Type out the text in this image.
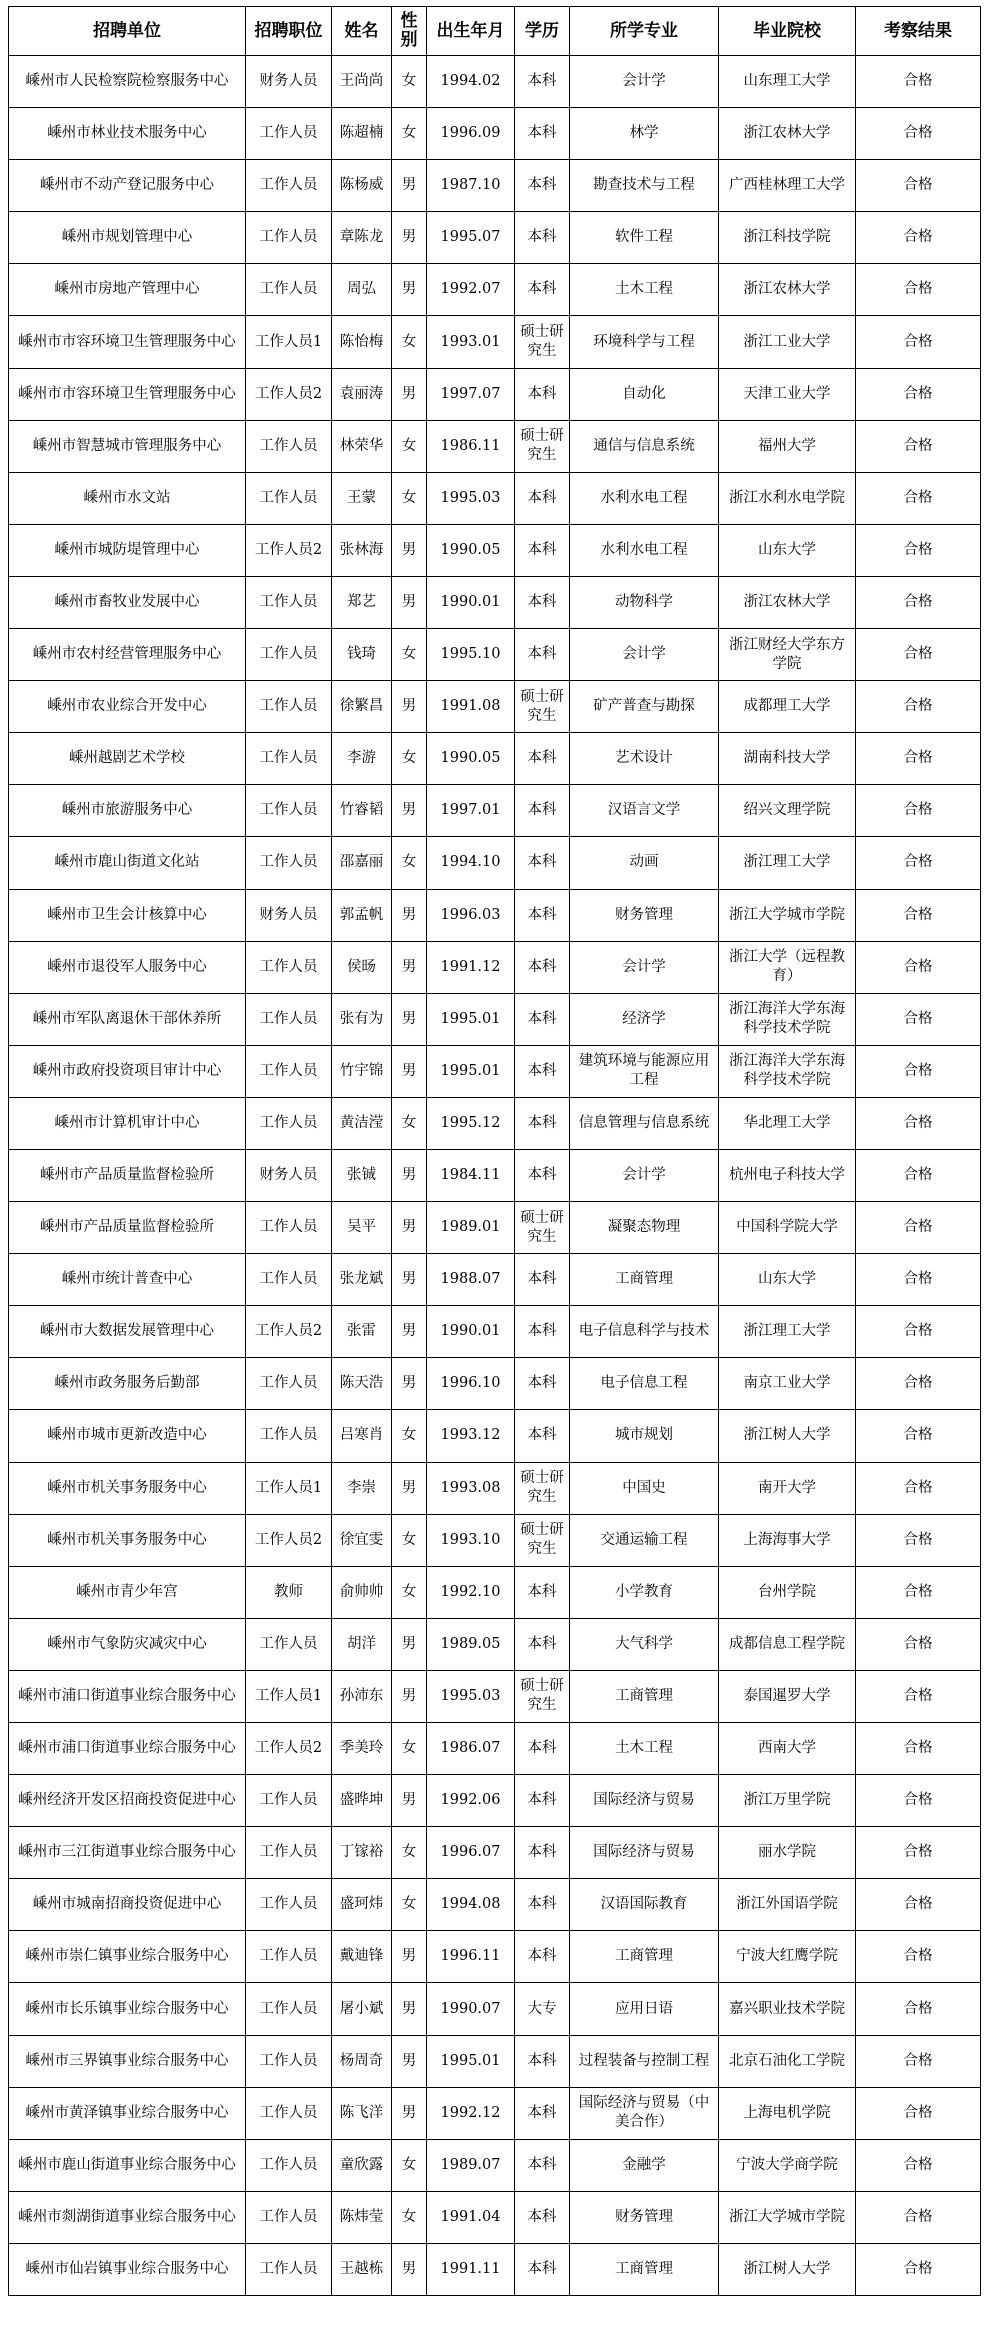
招聘单位	招聘职位	姓名	性别	出生年月	学历	所学专业	毕业院校	考察结果
嵊州市人民检察院检察服务中心	财务人员	王尚尚	女	1994.02	本科	会计学	山东理工大学	合格
嵊州市林业技术服务中心	工作人员	陈超楠	女	1996.09	本科	林学	浙江农林大学	合格
嵊州市不动产登记服务中心	工作人员	陈杨威	男	1987.10	本科	勘查技术与工程	广西桂林理工大学	合格
嵊州市规划管理中心	工作人员	章陈龙	男	1995.07	本科	软件工程	浙江科技学院	合格
嵊州市房地产管理中心	工作人员	周弘	男	1992.07	本科	土木工程	浙江农林大学	合格
嵊州市市容环境卫生管理服务中心	工作人员1	陈怡梅	女	1993.01	硕士研究生	环境科学与工程	浙江工业大学	合格
嵊州市市容环境卫生管理服务中心	工作人员2	袁丽涛	男	1997.07	本科	自动化	天津工业大学	合格
嵊州市智慧城市管理服务中心	工作人员	林荣华	女	1986.11	硕士研究生	通信与信息系统	福州大学	合格
嵊州市水文站	工作人员	王蒙	女	1995.03	本科	水利水电工程	浙江水利水电学院	合格
嵊州市城防堤管理中心	工作人员2	张林海	男	1990.05	本科	水利水电工程	山东大学	合格
嵊州市畜牧业发展中心	工作人员	郑艺	男	1990.01	本科	动物科学	浙江农林大学	合格
嵊州市农村经营管理服务中心	工作人员	钱琦	女	1995.10	本科	会计学	浙江财经大学东方学院	合格
嵊州市农业综合开发中心	工作人员	徐繁昌	男	1991.08	硕士研究生	矿产普查与勘探	成都理工大学	合格
嵊州越剧艺术学校	工作人员	李游	女	1990.05	本科	艺术设计	湖南科技大学	合格
嵊州市旅游服务中心	工作人员	竹睿韬	男	1997.01	本科	汉语言文学	绍兴文理学院	合格
嵊州市鹿山街道文化站	工作人员	邵嘉丽	女	1994.10	本科	动画	浙江理工大学	合格
嵊州市卫生会计核算中心	财务人员	郭孟帆	男	1996.03	本科	财务管理	浙江大学城市学院	合格
嵊州市退役军人服务中心	工作人员	侯旸	男	1991.12	本科	会计学	浙江大学（远程教育）	合格
嵊州市军队离退休干部休养所	工作人员	张有为	男	1995.01	本科	经济学	浙江海洋大学东海科学技术学院	合格
嵊州市政府投资项目审计中心	工作人员	竹宇锦	男	1995.01	本科	建筑环境与能源应用工程	浙江海洋大学东海科学技术学院	合格
嵊州市计算机审计中心	工作人员	黄洁滢	女	1995.12	本科	信息管理与信息系统	华北理工大学	合格
嵊州市产品质量监督检验所	财务人员	张铖	男	1984.11	本科	会计学	杭州电子科技大学	合格
嵊州市产品质量监督检验所	工作人员	吴平	男	1989.01	硕士研究生	凝聚态物理	中国科学院大学	合格
嵊州市统计普查中心	工作人员	张龙斌	男	1988.07	本科	工商管理	山东大学	合格
嵊州市大数据发展管理中心	工作人员2	张雷	男	1990.01	本科	电子信息科学与技术	浙江理工大学	合格
嵊州市政务服务后勤部	工作人员	陈天浩	男	1996.10	本科	电子信息工程	南京工业大学	合格
嵊州市城市更新改造中心	工作人员	吕寒肖	女	1993.12	本科	城市规划	浙江树人大学	合格
嵊州市机关事务服务中心	工作人员1	李崇	男	1993.08	硕士研究生	中国史	南开大学	合格
嵊州市机关事务服务中心	工作人员2	徐宜雯	女	1993.10	硕士研究生	交通运输工程	上海海事大学	合格
嵊州市青少年宫	教师	俞帅帅	女	1992.10	本科	小学教育	台州学院	合格
嵊州市气象防灾减灾中心	工作人员	胡洋	男	1989.05	本科	大气科学	成都信息工程学院	合格
嵊州市浦口街道事业综合服务中心	工作人员1	孙沛东	男	1995.03	硕士研究生	工商管理	泰国暹罗大学	合格
嵊州市浦口街道事业综合服务中心	工作人员2	季美玲	女	1986.07	本科	土木工程	西南大学	合格
嵊州经济开发区招商投资促进中心	工作人员	盛晔坤	男	1992.06	本科	国际经济与贸易	浙江万里学院	合格
嵊州市三江街道事业综合服务中心	工作人员	丁镓裕	女	1996.07	本科	国际经济与贸易	丽水学院	合格
嵊州市城南招商投资促进中心	工作人员	盛珂炜	女	1994.08	本科	汉语国际教育	浙江外国语学院	合格
嵊州市崇仁镇事业综合服务中心	工作人员	戴迪锋	男	1996.11	本科	工商管理	宁波大红鹰学院	合格
嵊州市长乐镇事业综合服务中心	工作人员	屠小斌	男	1990.07	大专	应用日语	嘉兴职业技术学院	合格
嵊州市三界镇事业综合服务中心	工作人员	杨周奇	男	1995.01	本科	过程装备与控制工程	北京石油化工学院	合格
嵊州市黄泽镇事业综合服务中心	工作人员	陈飞洋	男	1992.12	本科	国际经济与贸易（中美合作）	上海电机学院	合格
嵊州市鹿山街道事业综合服务中心	工作人员	童欣露	女	1989.07	本科	金融学	宁波大学商学院	合格
嵊州市剡湖街道事业综合服务中心	工作人员	陈炜莹	女	1991.04	本科	财务管理	浙江大学城市学院	合格
嵊州市仙岩镇事业综合服务中心	工作人员	王越栋	男	1991.11	本科	工商管理	浙江树人大学	合格
